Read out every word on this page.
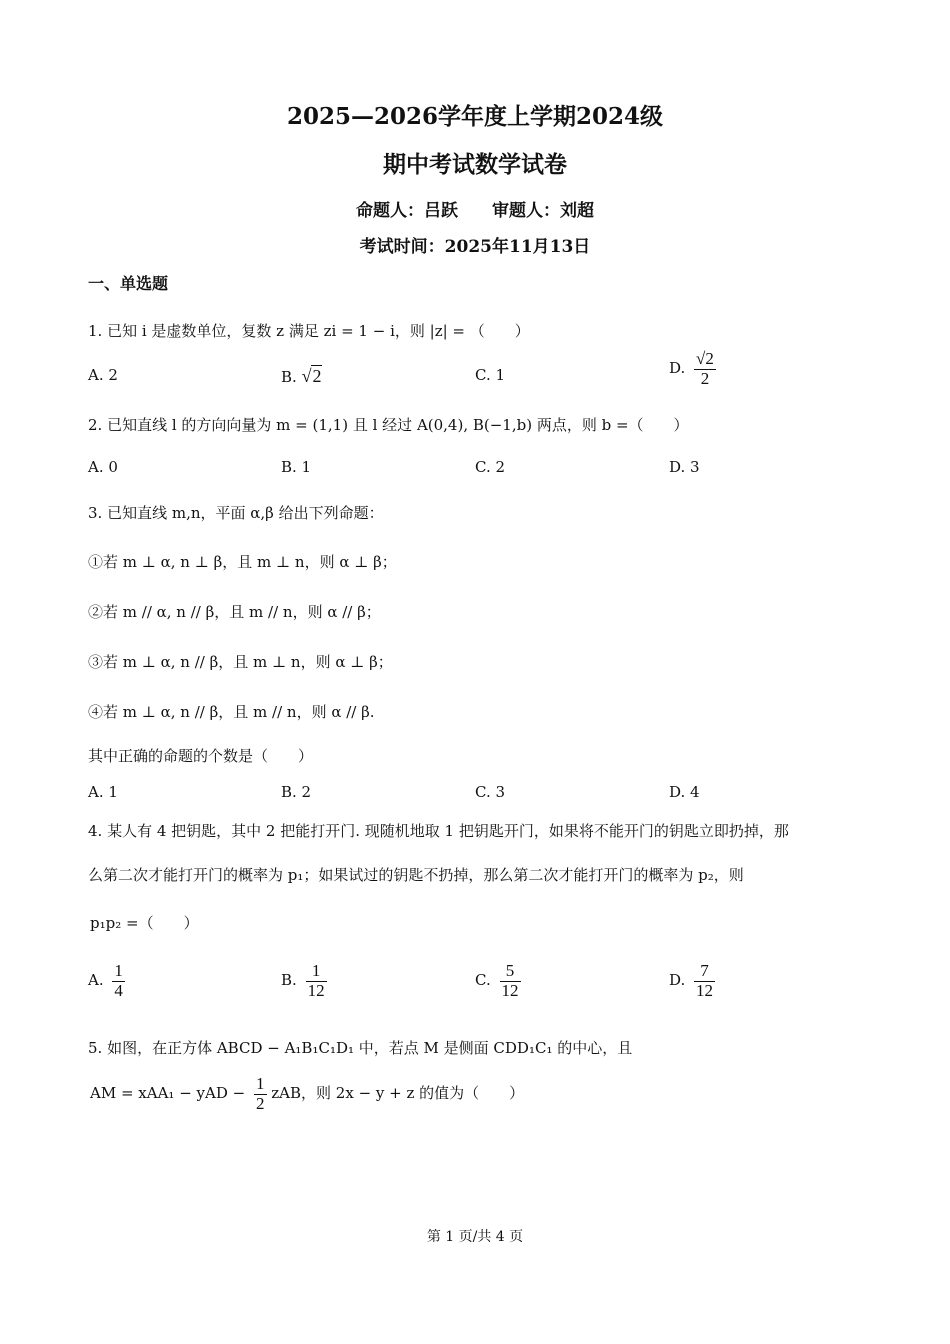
2025—2026学年度上学期2024级
期中考试数学试卷
命题人：吕跃　　审题人：刘超
考试时间：2025年11月13日
一、单选题
1. 已知 i 是虚数单位，复数 z 满足 zi = 1 − i，则 |z| = （　　）
A. 2	B. √2	C. 1	D. $\frac{√2}{2}$
2. 已知直线 l 的方向向量为 m = (1,1) 且 l 经过 A(0,4), B(−1,b) 两点，则 b =（　　）
A. 0	B. 1	C. 2	D. 3
3. 已知直线 m,n，平面 α,β 给出下列命题：
①若 m ⊥ α, n ⊥ β，且 m ⊥ n，则 α ⊥ β；
②若 m // α, n // β，且 m // n，则 α // β；
③若 m ⊥ α, n // β，且 m ⊥ n，则 α ⊥ β；
④若 m ⊥ α, n // β，且 m // n，则 α // β.
其中正确的命题的个数是（　　）
A. 1	B. 2	C. 3	D. 4
4. 某人有 4 把钥匙，其中 2 把能打开门. 现随机地取 1 把钥匙开门，如果将不能开门的钥匙立即扔掉，那
么第二次才能打开门的概率为 p₁；如果试过的钥匙不扔掉，那么第二次才能打开门的概率为 p₂，则
p₁p₂ =（　　）
A. $\frac{1}{4}$	B. $\frac{1}{12}$	C. $\frac{5}{12}$	D. $\frac{7}{12}$
5. 如图，在正方体 ABCD − A₁B₁C₁D₁ 中，若点 M 是侧面 CDD₁C₁ 的中心，且
AM = xAA₁ − yAD − $\frac{1}{2}$ zAB，则 2x − y + z 的值为（　　）
第 1 页/共 4 页
